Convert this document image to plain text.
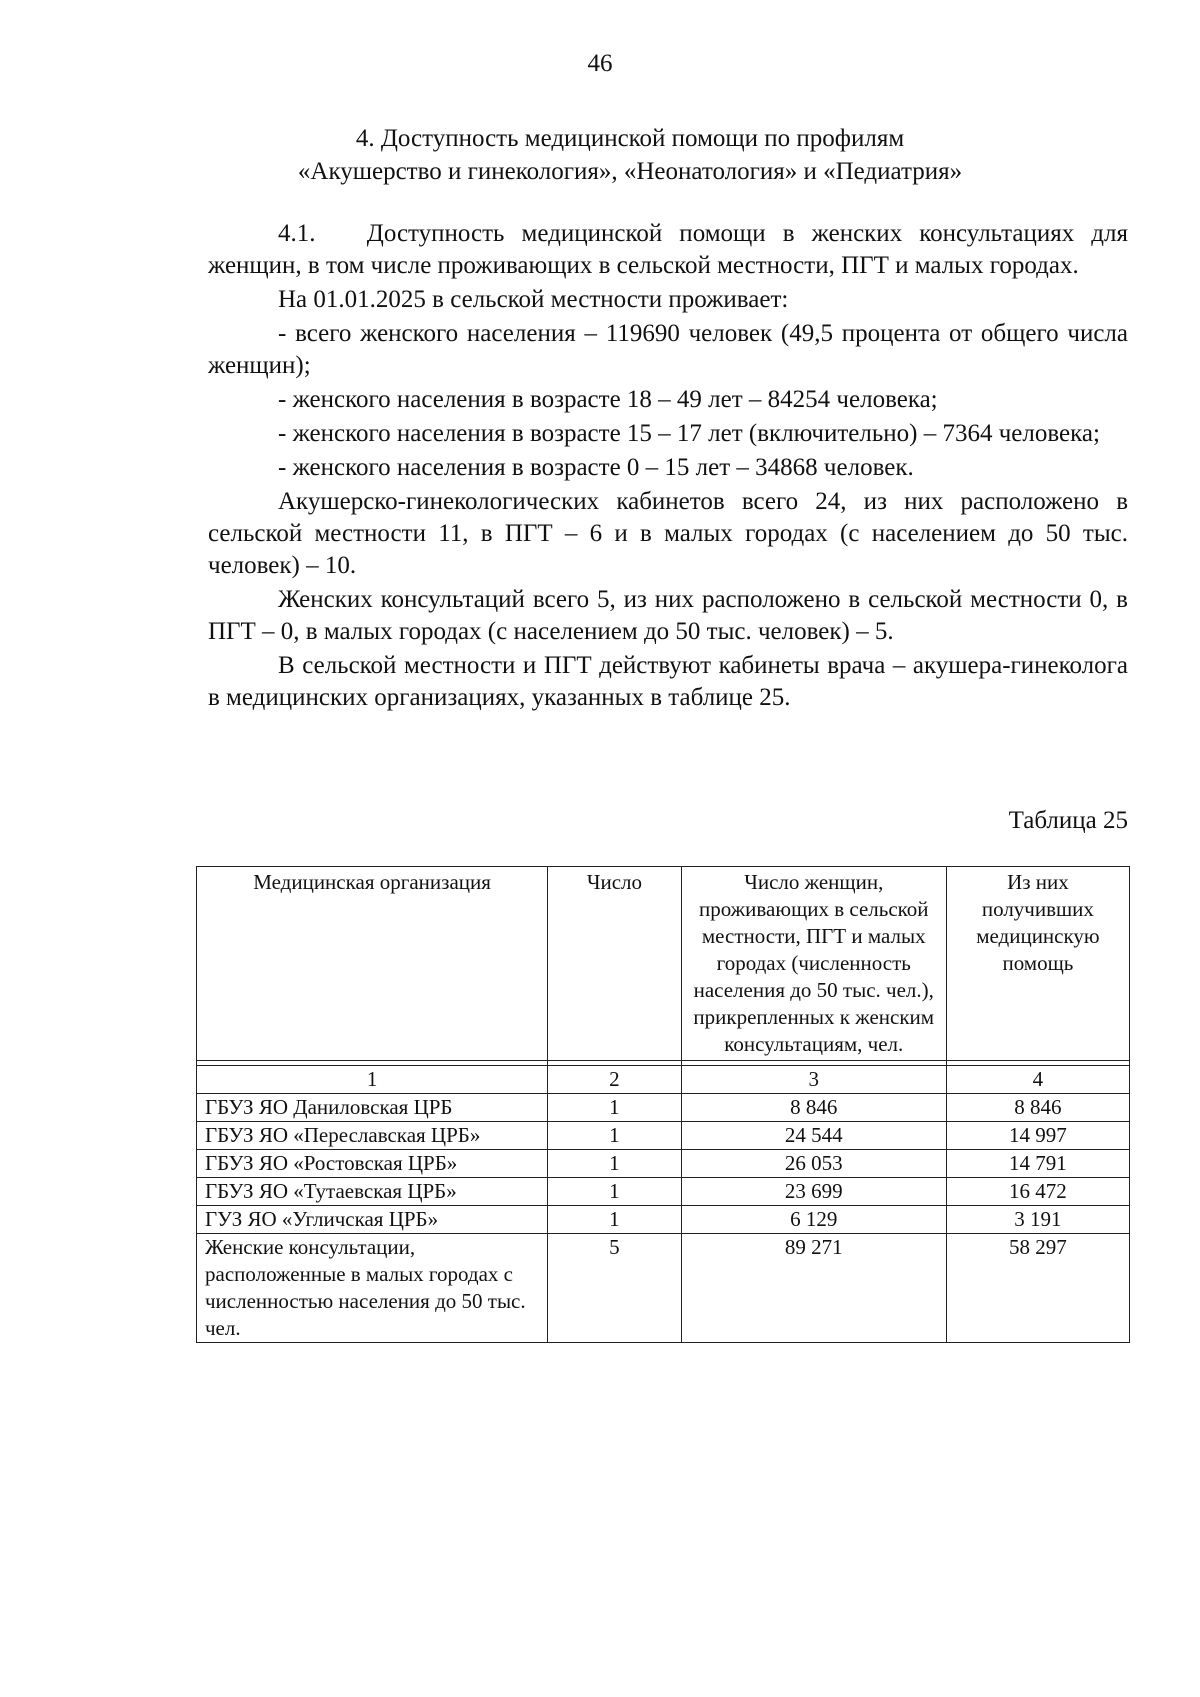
46
4. Доступность медицинской помощи по профилям
«Акушерство и гинекология», «Неонатология» и «Педиатрия»

4.1. Доступность медицинской помощи в женских консультациях для женщин, в том числе проживающих в сельской местности, ПГТ и малых городах.

На 01.01.2025 в сельской местности проживает:

- всего женского населения – 119690 человек (49,5 процента от общего числа женщин);

- женского населения в возрасте 18 – 49 лет – 84254 человека;

- женского населения в возрасте 15 – 17 лет (включительно) – 7364 человека;

- женского населения в возрасте 0 – 15 лет – 34868 человек.

Акушерско-гинекологических кабинетов всего 24, из них расположено в сельской местности 11, в ПГТ – 6 и в малых городах (с населением до 50 тыс. человек) – 10.

Женских консультаций всего 5, из них расположено в сельской местности 0, в ПГТ – 0, в малых городах (с населением до 50 тыс. человек) – 5.

В сельской местности и ПГТ действуют кабинеты врача – акушера-гинеколога в медицинских организациях, указанных в таблице 25.

Таблица 25
Медицинская организация	Число	Число женщин, проживающих в сельской местности, ПГТ и малых городах (численность населения до 50 тыс. чел.), прикрепленных к женским консультациям, чел.	Из них получивших медицинскую помощь

1	2	3	4
ГБУЗ ЯО Даниловская ЦРБ	1	8 846	8 846
ГБУЗ ЯО «Переславская ЦРБ»	1	24 544	14 997
ГБУЗ ЯО «Ростовская ЦРБ»	1	26 053	14 791
ГБУЗ ЯО «Тутаевская ЦРБ»	1	23 699	16 472
ГУЗ ЯО «Угличская ЦРБ»	1	6 129	3 191
Женские консультации, расположенные в малых городах с численностью населения до 50 тыс. чел.	5	89 271	58 297
